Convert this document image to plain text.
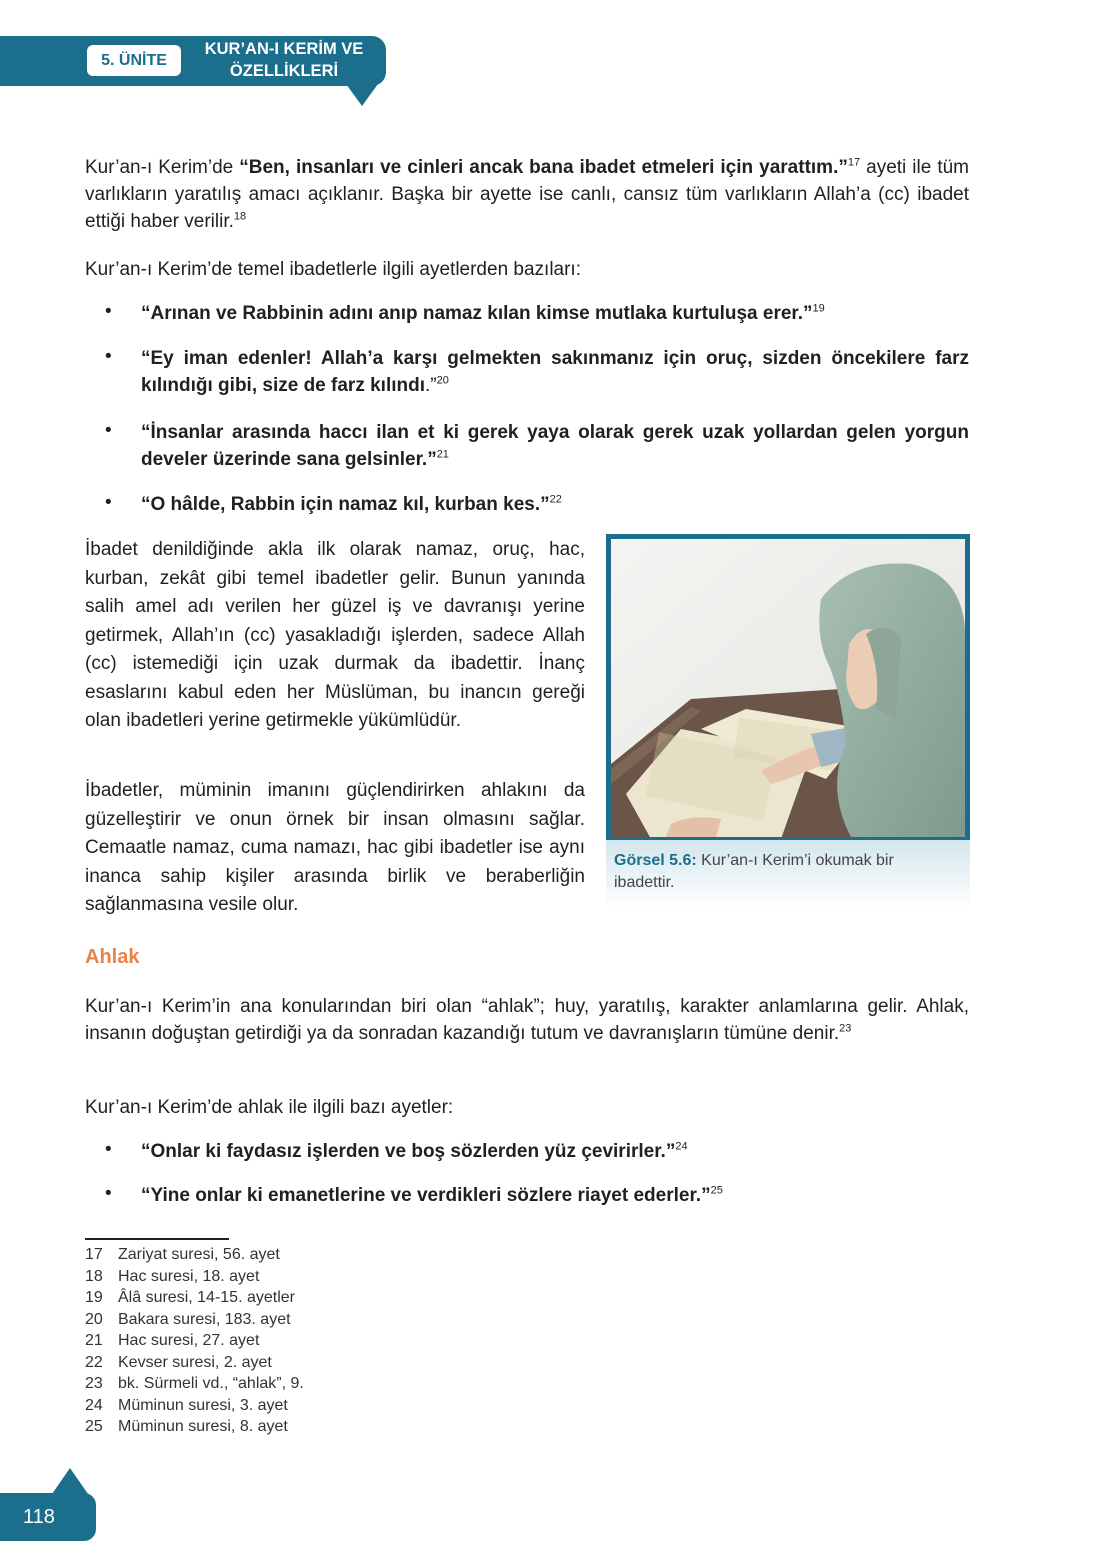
5. ÜNİTE
KUR’AN-I KERİM VE
ÖZELLİKLERİ
Kur’an-ı Kerim’de “Ben, insanları ve cinleri ancak bana ibadet etmeleri için yarattım.”$^{17}$ ayeti ile tüm varlıkların yaratılış amacı açıklanır. Başka bir ayette ise canlı, cansız tüm varlıkların Allah’a (cc) ibadet ettiği haber verilir.$^{18}$
Kur’an-ı Kerim’de temel ibadetlerle ilgili ayetlerden bazıları:
• “Arınan ve Rabbinin adını anıp namaz kılan kimse mutlaka kurtuluşa erer.”$^{19}$
• “Ey iman edenler! Allah’a karşı gelmekten sakınmanız için oruç, sizden öncekilere farz kılındığı gibi, size de farz kılındı.”$^{20}$
• “İnsanlar arasında haccı ilan et ki gerek yaya olarak gerek uzak yollardan gelen yorgun develer üzerinde sana gelsinler.”$^{21}$
• “O hâlde, Rabbin için namaz kıl, kurban kes.”$^{22}$
İbadet denildiğinde akla ilk olarak namaz, oruç, hac, kurban, zekât gibi temel ibadetler gelir. Bunun yanında salih amel adı verilen her güzel iş ve davranışı yerine getirmek, Allah’ın (cc) yasakladığı işlerden, sadece Allah (cc) istemediği için uzak durmak da ibadettir. İnanç esaslarını kabul eden her Müslüman, bu inancın gereği olan ibadetleri yerine getirmekle yükümlüdür.
İbadetler, müminin imanını güçlendirirken ahlakını da güzelleştirir ve onun örnek bir insan olmasını sağlar. Cemaatle namaz, cuma namazı, hac gibi ibadetler ise aynı inanca sahip kişiler arasında birlik ve beraberliğin sağlanmasına vesile olur.
Görsel 5.6: Kur’an-ı Kerim’i okumak bir ibadettir.
Ahlak
Kur’an-ı Kerim’in ana konularından biri olan “ahlak”; huy, yaratılış, karakter anlamlarına gelir. Ahlak, insanın doğuştan getirdiği ya da sonradan kazandığı tutum ve davranışların tümüne denir.$^{23}$
Kur’an-ı Kerim’de ahlak ile ilgili bazı ayetler:
• “Onlar ki faydasız işlerden ve boş sözlerden yüz çevirirler.”$^{24}$
• “Yine onlar ki emanetlerine ve verdikleri sözlere riayet ederler.”$^{25}$
17 Zariyat suresi, 56. ayet
18 Hac suresi, 18. ayet
19 Âlâ suresi, 14-15. ayetler
20 Bakara suresi, 183. ayet
21 Hac suresi, 27. ayet
22 Kevser suresi, 2. ayet
23 bk. Sürmeli vd., “ahlak”, 9.
24 Müminun suresi, 3. ayet
25 Müminun suresi, 8. ayet
118
